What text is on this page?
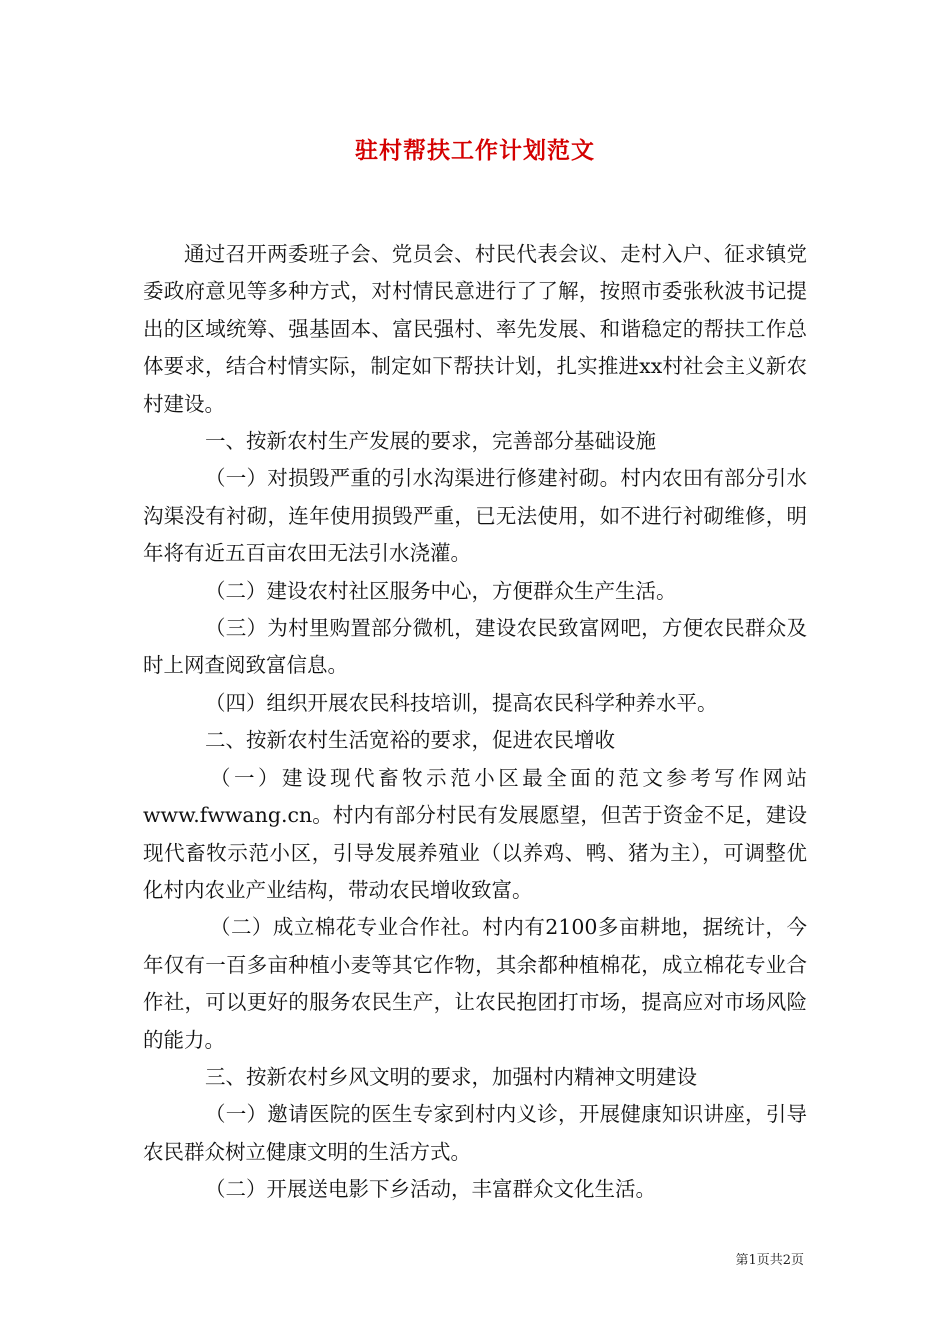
驻村帮扶工作计划范文

通过召开两委班子会、党员会、村民代表会议、走村入户、征求镇党委政府意见等多种方式，对村情民意进行了了解，按照市委张秋波书记提出的区域统筹、强基固本、富民强村、率先发展、和谐稳定的帮扶工作总体要求，结合村情实际，制定如下帮扶计划，扎实推进xx村社会主义新农村建设。

一、按新农村生产发展的要求，完善部分基础设施

（一）对损毁严重的引水沟渠进行修建衬砌。村内农田有部分引水沟渠没有衬砌，连年使用损毁严重，已无法使用，如不进行衬砌维修，明年将有近五百亩农田无法引水浇灌。

（二）建设农村社区服务中心，方便群众生产生活。

（三）为村里购置部分微机，建设农民致富网吧，方便农民群众及时上网查阅致富信息。

（四）组织开展农民科技培训，提高农民科学种养水平。

二、按新农村生活宽裕的要求，促进农民增收

（一）建设现代畜牧示范小区最全面的范文参考写作网站www.fwwang.cn。村内有部分村民有发展愿望，但苦于资金不足，建设现代畜牧示范小区，引导发展养殖业（以养鸡、鸭、猪为主），可调整优化村内农业产业结构，带动农民增收致富。

（二）成立棉花专业合作社。村内有2100多亩耕地，据统计，今年仅有一百多亩种植小麦等其它作物，其余都种植棉花，成立棉花专业合作社，可以更好的服务农民生产，让农民抱团打市场，提高应对市场风险的能力。

三、按新农村乡风文明的要求，加强村内精神文明建设

（一）邀请医院的医生专家到村内义诊，开展健康知识讲座，引导农民群众树立健康文明的生活方式。

（二）开展送电影下乡活动，丰富群众文化生活。

第1页共2页
